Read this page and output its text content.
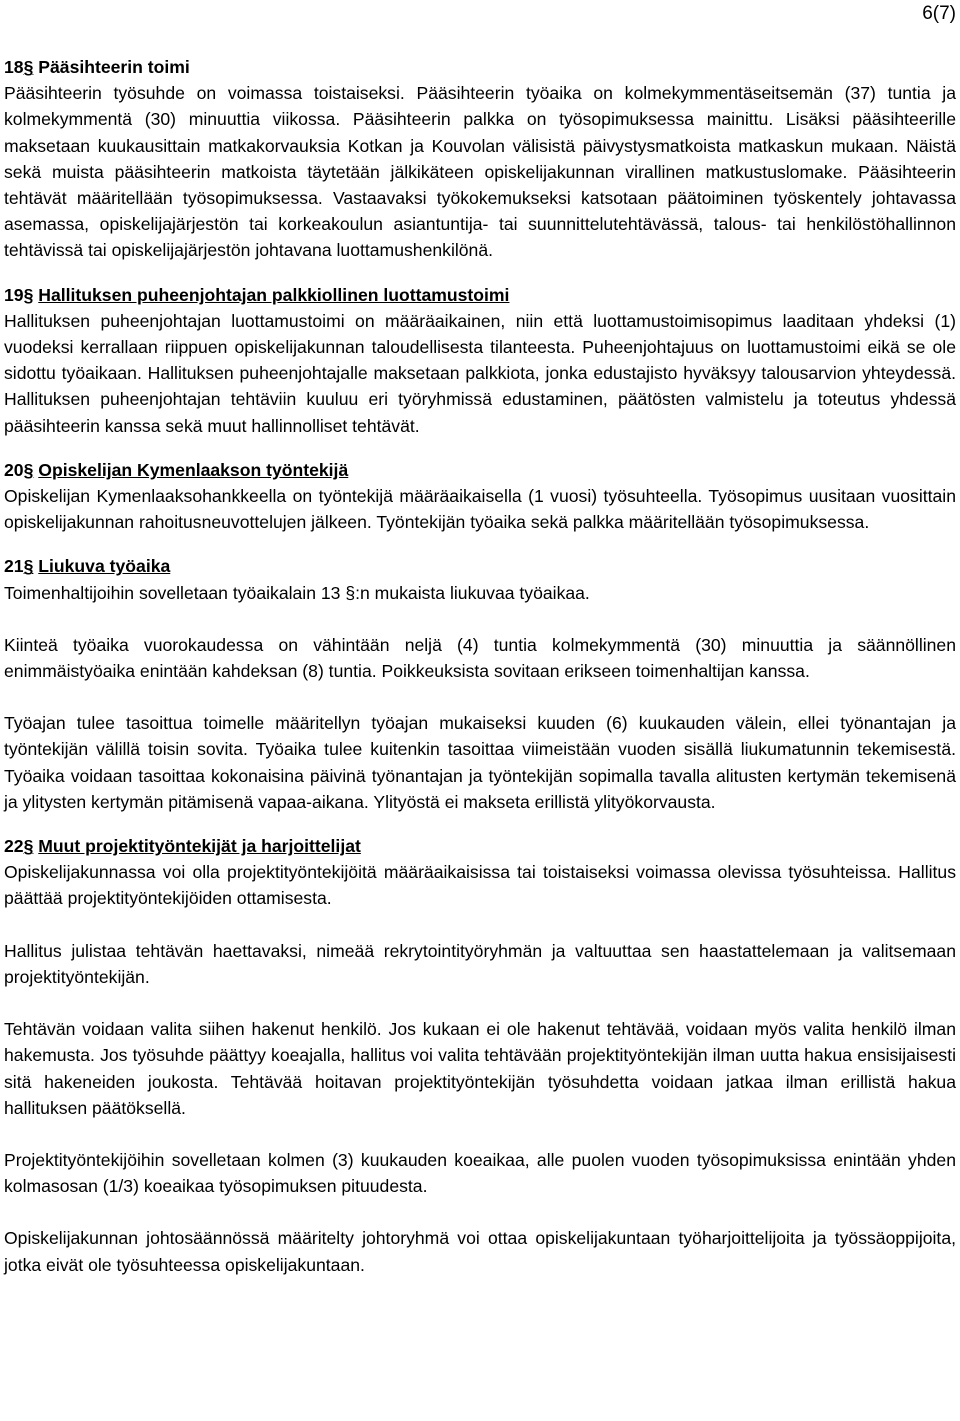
6(7)

18§ Pääsihteerin toimi

Pääsihteerin työsuhde on voimassa toistaiseksi. Pääsihteerin työaika on kolmekymmentäseitsemän (37) tuntia ja kolmekymmentä (30) minuuttia viikossa. Pääsihteerin palkka on työsopimuksessa mainittu. Lisäksi pääsihteerille maksetaan kuukausittain matkakorvauksia Kotkan ja Kouvolan välisistä päivystysmatkoista matkaskun mukaan. Näistä sekä muista pääsihteerin matkoista täytetään jälkikäteen opiskelijakunnan virallinen matkustuslomake. Pääsihteerin tehtävät määritellään työsopimuksessa. Vastaavaksi työkokemukseksi katsotaan päätoiminen työskentely johtavassa asemassa, opiskelijajärjestön tai korkeakoulun asiantuntija- tai suunnittelutehtävässä, talous- tai henkilöstöhallinnon tehtävissä tai opiskelijajärjestön johtavana luottamushenkilönä.

19§ Hallituksen puheenjohtajan palkkiollinen luottamustoimi

Hallituksen puheenjohtajan luottamustoimi on määräaikainen, niin että luottamustoimisopimus laaditaan yhdeksi (1) vuodeksi kerrallaan riippuen opiskelijakunnan taloudellisesta tilanteesta. Puheenjohtajuus on luottamustoimi eikä se ole sidottu työaikaan. Hallituksen puheenjohtajalle maksetaan palkkiota, jonka edustajisto hyväksyy talousarvion yhteydessä. Hallituksen puheenjohtajan tehtäviin kuuluu eri työryhmissä edustaminen, päätösten valmistelu ja toteutus yhdessä pääsihteerin kanssa sekä muut hallinnolliset tehtävät.

20§ Opiskelijan Kymenlaakson työntekijä

Opiskelijan Kymenlaaksohankkeella on työntekijä määräaikaisella (1 vuosi) työsuhteella. Työsopimus uusitaan vuosittain opiskelijakunnan rahoitusneuvottelujen jälkeen. Työntekijän työaika sekä palkka määritellään työsopimuksessa.

21§ Liukuva työaika

Toimenhaltijoihin sovelletaan työaikalain 13 §:n mukaista liukuvaa työaikaa.

Kiinteä työaika vuorokaudessa on vähintään neljä (4) tuntia kolmekymmentä (30) minuuttia ja säännöllinen enimmäistyöaika enintään kahdeksan (8) tuntia. Poikkeuksista sovitaan erikseen toimenhaltijan kanssa.

Työajan tulee tasoittua toimelle määritellyn työajan mukaiseksi kuuden (6) kuukauden välein, ellei työnantajan ja työntekijän välillä toisin sovita. Työaika tulee kuitenkin tasoittaa viimeistään vuoden sisällä liukumatunnin tekemisestä. Työaika voidaan tasoittaa kokonaisina päivinä työnantajan ja työntekijän sopimalla tavalla alitusten kertymän tekemisenä ja ylitysten kertymän pitämisenä vapaa-aikana. Ylityöstä ei makseta erillistä ylityökorvausta.

22§ Muut projektityöntekijät ja harjoittelijat

Opiskelijakunnassa voi olla projektityöntekijöitä määräaikaisissa tai toistaiseksi voimassa olevissa työsuhteissa. Hallitus päättää projektityöntekijöiden ottamisesta.

Hallitus julistaa tehtävän haettavaksi, nimeää rekrytointityöryhmän ja valtuuttaa sen haastattelemaan ja valitsemaan projektityöntekijän.

Tehtävän voidaan valita siihen hakenut henkilö. Jos kukaan ei ole hakenut tehtävää, voidaan myös valita henkilö ilman hakemusta. Jos työsuhde päättyy koeajalla, hallitus voi valita tehtävään projektityöntekijän ilman uutta hakua ensisijaisesti sitä hakeneiden joukosta. Tehtävää hoitavan projektityöntekijän työsuhdetta voidaan jatkaa ilman erillistä hakua hallituksen päätöksellä.

Projektityöntekijöihin sovelletaan kolmen (3) kuukauden koeaikaa, alle puolen vuoden työsopimuksissa enintään yhden kolmasosan (1/3) koeaikaa työsopimuksen pituudesta.

Opiskelijakunnan johtosäännössä määritelty johtoryhmä voi ottaa opiskelijakuntaan työharjoittelijoita ja työssäoppijoita, jotka eivät ole työsuhteessa opiskelijakuntaan.
